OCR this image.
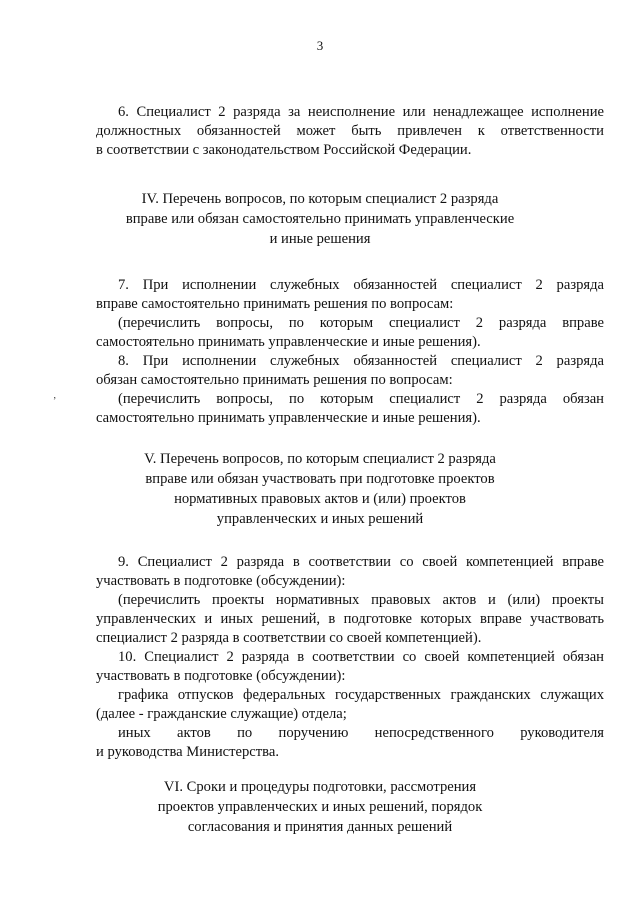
3
6. Специалист 2 разряда за неисполнение или ненадлежащее исполнение
должностных обязанностей может быть привлечен к ответственности
в соответствии с законодательством Российской Федерации.
IV. Перечень вопросов, по которым специалист 2 разряда
вправе или обязан самостоятельно принимать управленческие
и иные решения
7. При исполнении служебных обязанностей специалист 2 разряда
вправе самостоятельно принимать решения по вопросам:
(перечислить вопросы, по которым специалист 2 разряда вправе
самостоятельно принимать управленческие и иные решения).
8. При исполнении служебных обязанностей специалист 2 разряда
обязан самостоятельно принимать решения по вопросам:
(перечислить вопросы, по которым специалист 2 разряда обязан
самостоятельно принимать управленческие и иные решения).
’
V. Перечень вопросов, по которым специалист 2 разряда
вправе или обязан участвовать при подготовке проектов
нормативных правовых актов и (или) проектов
управленческих и иных решений
9. Специалист 2 разряда в соответствии со своей компетенцией вправе
участвовать в подготовке (обсуждении):
(перечислить проекты нормативных правовых актов и (или) проекты
управленческих и иных решений, в подготовке которых вправе участвовать
специалист 2 разряда в соответствии со своей компетенцией).
10. Специалист 2 разряда в соответствии со своей компетенцией обязан
участвовать в подготовке (обсуждении):
графика отпусков федеральных государственных гражданских служащих
(далее - гражданские служащие) отдела;
иных актов по поручению непосредственного руководителя
и руководства Министерства.
VI. Сроки и процедуры подготовки, рассмотрения
проектов управленческих и иных решений, порядок
согласования и принятия данных решений
